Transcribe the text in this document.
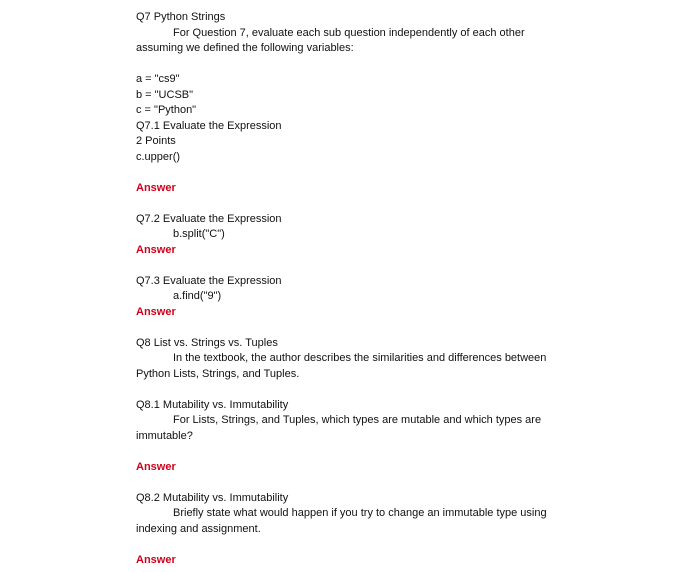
Q7 Python Strings
For Question 7, evaluate each sub question independently of each other
assuming we defined the following variables:
a = "cs9"
b = "UCSB"
c = "Python"
Q7.1 Evaluate the Expression
2 Points
c.upper()
Answer
Q7.2 Evaluate the Expression
b.split("C")
Answer
Q7.3 Evaluate the Expression
a.find("9")
Answer
Q8 List vs. Strings vs. Tuples
In the textbook, the author describes the similarities and differences between
Python Lists, Strings, and Tuples.
Q8.1 Mutability vs. Immutability
For Lists, Strings, and Tuples, which types are mutable and which types are
immutable?
Answer
Q8.2 Mutability vs. Immutability
Briefly state what would happen if you try to change an immutable type using
indexing and assignment.
Answer
